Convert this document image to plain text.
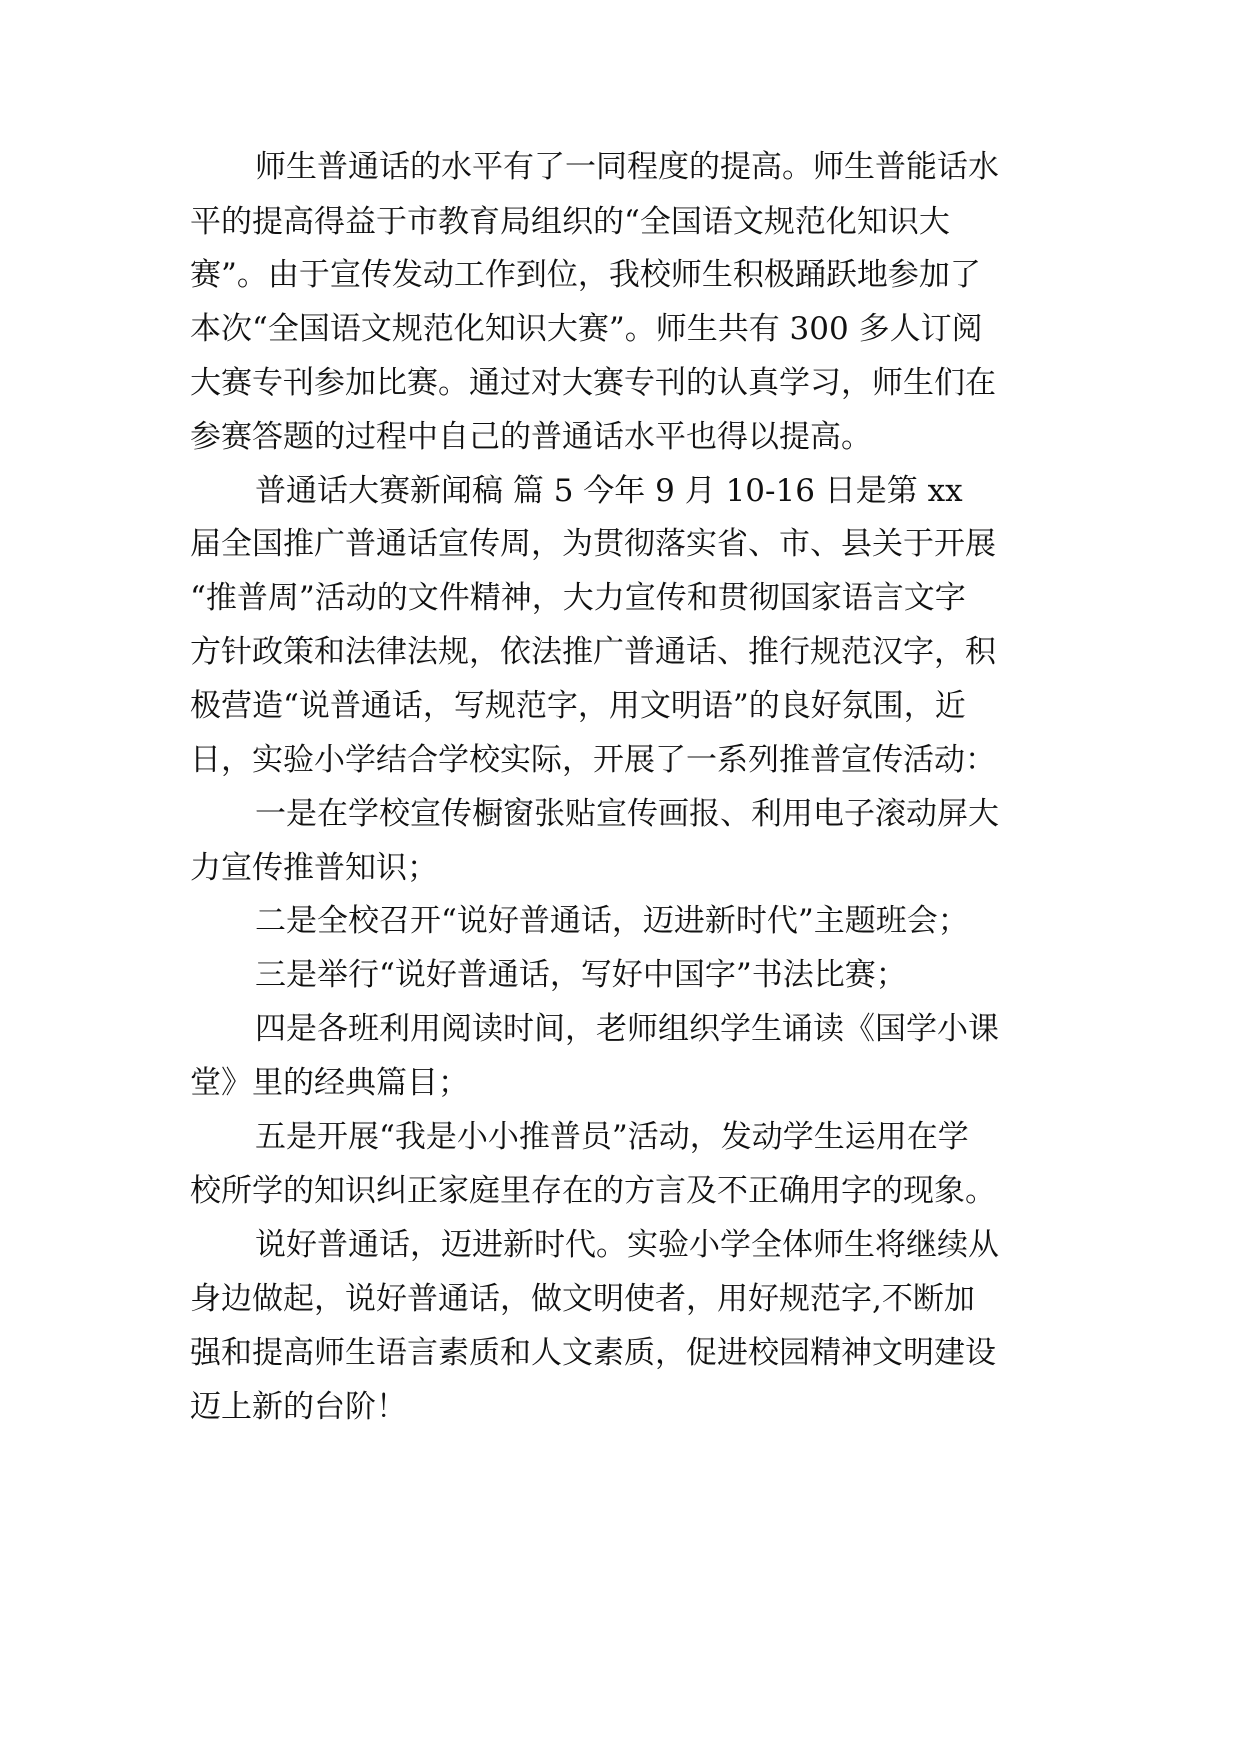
师生普通话的水平有了一同程度的提高。师生普能话水

平的提高得益于市教育局组织的“全国语文规范化知识大

赛”。由于宣传发动工作到位，我校师生积极踊跃地参加了

本次“全国语文规范化知识大赛”。师生共有 300 多人订阅

大赛专刊参加比赛。通过对大赛专刊的认真学习，师生们在

参赛答题的过程中自己的普通话水平也得以提高。

普通话大赛新闻稿 篇 5 今年 9 月 10-16 日是第 xx

届全国推广普通话宣传周，为贯彻落实省、市、县关于开展

“推普周”活动的文件精神，大力宣传和贯彻国家语言文字

方针政策和法律法规，依法推广普通话、推行规范汉字，积

极营造“说普通话，写规范字，用文明语”的良好氛围，近

日，实验小学结合学校实际，开展了一系列推普宣传活动：

一是在学校宣传橱窗张贴宣传画报、利用电子滚动屏大

力宣传推普知识；

二是全校召开“说好普通话，迈进新时代”主题班会；

三是举行“说好普通话，写好中国字”书法比赛；

四是各班利用阅读时间，老师组织学生诵读《国学小课

堂》里的经典篇目；

五是开展“我是小小推普员”活动，发动学生运用在学

校所学的知识纠正家庭里存在的方言及不正确用字的现象。

说好普通话，迈进新时代。实验小学全体师生将继续从

身边做起，说好普通话，做文明使者，用好规范字,不断加

强和提高师生语言素质和人文素质，促进校园精神文明建设

迈上新的台阶！
